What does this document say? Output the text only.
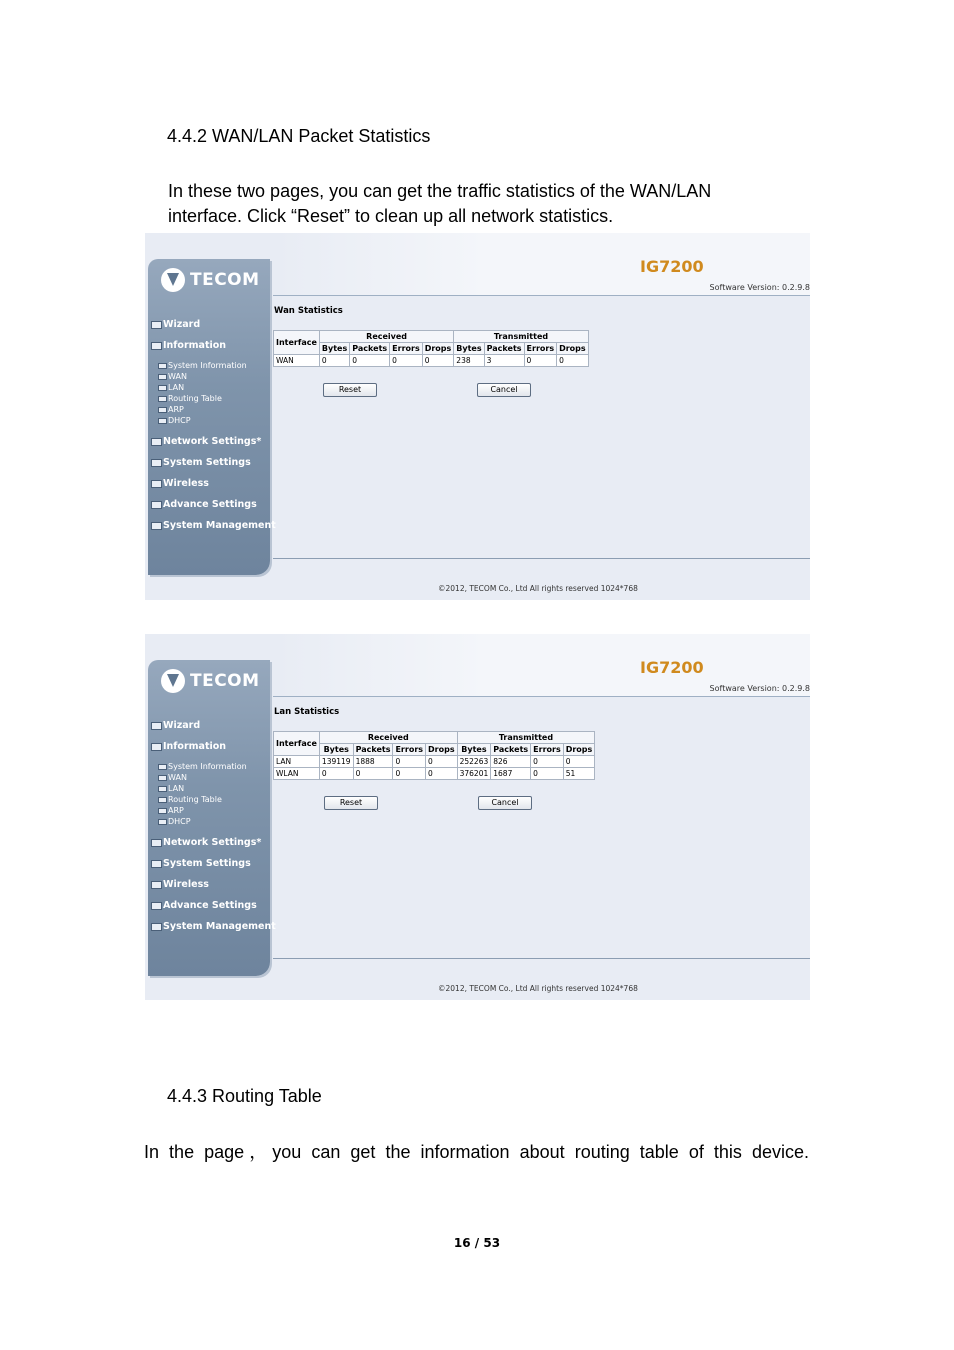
4.4.2 WAN/LAN Packet Statistics
In these two pages, you can get the traffic statistics of the WAN/LAN
interface. Click “Reset” to clean up all network statistics.
IG7200
Software Version: 0.2.9.8
TECOM
Wizard
Information
System Information
WAN
LAN
Routing Table
ARP
DHCP
Network Settings*
System Settings
Wireless
Advance Settings
System Management
Wan Statistics
Interface	Received				Transmitted			
	Bytes	Packets	Errors	Drops	Bytes	Packets	Errors	Drops
WAN	0	0	0	0	238	3	0	0
Reset	Cancel
©2012, TECOM Co., Ltd All rights reserved 1024*768
IG7200
Software Version: 0.2.9.8
TECOM
Wizard
Information
System Information
WAN
LAN
Routing Table
ARP
DHCP
Network Settings*
System Settings
Wireless
Advance Settings
System Management
Lan Statistics
Interface	Received				Transmitted			
	Bytes	Packets	Errors	Drops	Bytes	Packets	Errors	Drops
LAN	139119	1888	0	0	252263	826	0	0
WLAN	0	0	0	0	376201	1687	0	51
Reset	Cancel
©2012, TECOM Co., Ltd All rights reserved 1024*768
4.4.3 Routing Table
In the page，you can get the information about routing table of this device.
16 / 53
